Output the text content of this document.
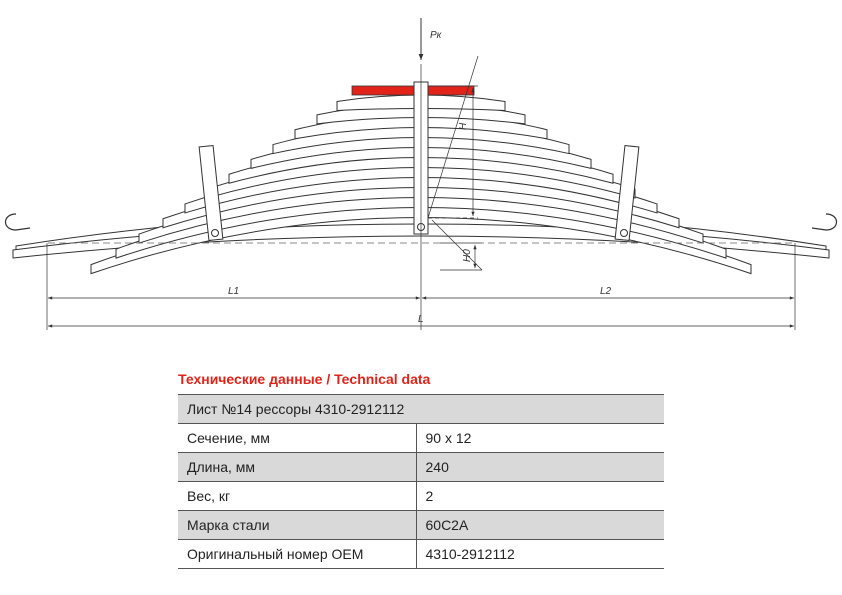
Pк
H
H0
L1	L2
L
Технические данные / Technical data
Лист №14 рессоры 4310-2912112	
Сечение, мм	90 х 12
Длина, мм	240
Вес, кг	2
Марка стали	60С2А
Оригинальный номер OEM	4310-2912112
